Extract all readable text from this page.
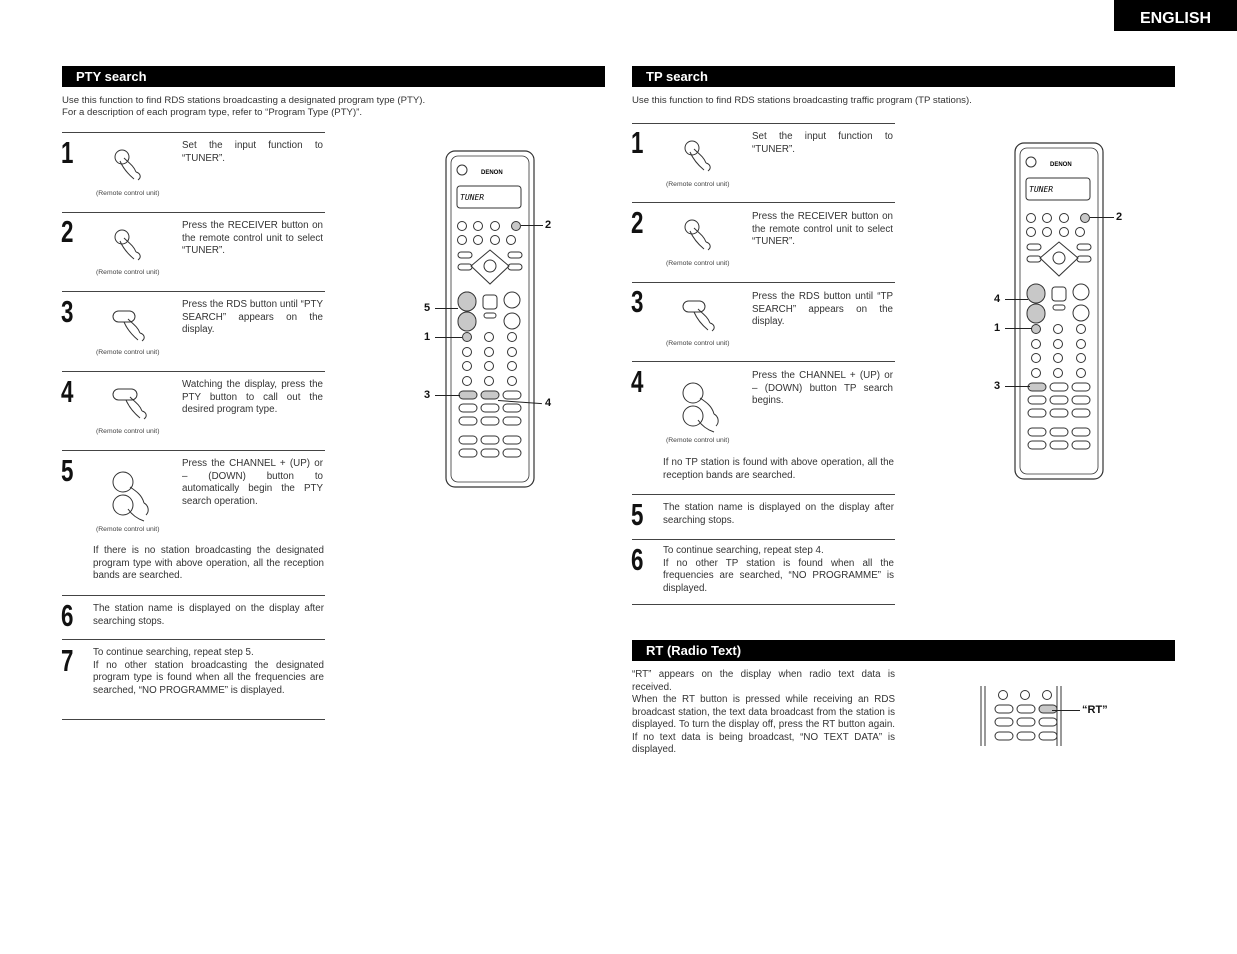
ENGLISH
PTY search
Use this function to find RDS stations broadcasting a designated program type (PTY).
For a description of each program type, refer to “Program Type (PTY)”.
1
(Remote control unit)
Set the input function to “TUNER”.
2
(Remote control unit)
Press the RECEIVER button on the remote control unit to select “TUNER”.
3
(Remote control unit)
Press the RDS button until “PTY SEARCH” appears on the display.
4
(Remote control unit)
Watching the display, press the PTY button to call out the desired program type.
5
(Remote control unit)
Press the CHANNEL + (UP) or – (DOWN) button to automatically begin the PTY search operation.
If there is no station broadcasting the designated program type with above operation, all the reception bands are searched.
6 The station name is displayed on the display after searching stops.
7 To continue searching, repeat step 5.
If no other station broadcasting the designated program type is found when all the frequencies are searched, “NO PROGRAMME” is displayed.
DENON
TUNER
2
5
1
3
4
TP search
Use this function to find RDS stations broadcasting traffic program (TP stations).
1
(Remote control unit)
Set the input function to “TUNER”.
2
(Remote control unit)
Press the RECEIVER button on the remote control unit to select “TUNER”.
3
(Remote control unit)
Press the RDS button until “TP SEARCH” appears on the display.
4
(Remote control unit)
Press the CHANNEL + (UP) or – (DOWN) button TP search begins.
If no TP station is found with above operation, all the reception bands are searched.
5 The station name is displayed on the display after searching stops.
6 To continue searching, repeat step 4.
If no other TP station is found when all the frequencies are searched, “NO PROGRAMME” is displayed.
DENON
TUNER
2
4
1
3
RT (Radio Text)
“RT” appears on the display when radio text data is received.
When the RT button is pressed while receiving an RDS broadcast station, the text data broadcast from the station is displayed. To turn the display off, press the RT button again. If no text data is being broadcast, “NO TEXT DATA” is displayed.
“RT”
